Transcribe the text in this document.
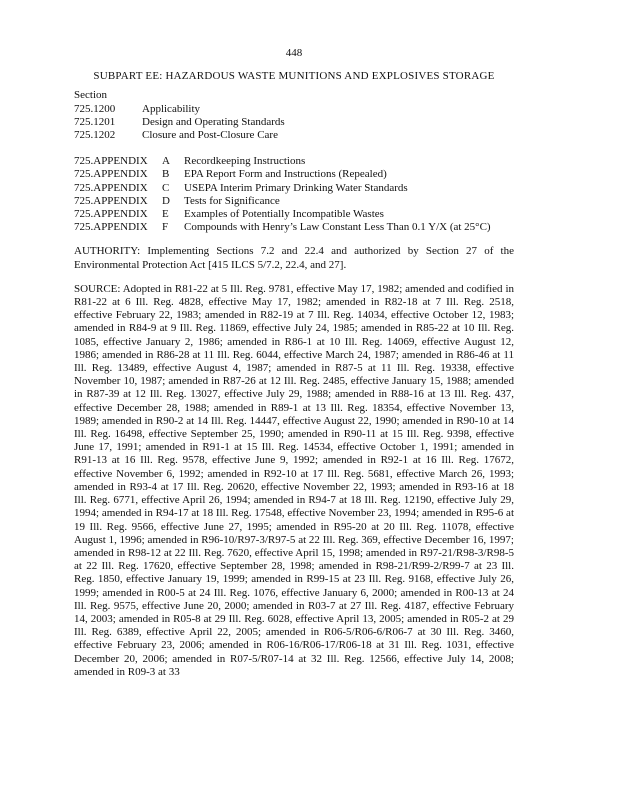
448
SUBPART EE: HAZARDOUS WASTE MUNITIONS AND EXPLOSIVES STORAGE
Section
725.1200	Applicability
725.1201	Design and Operating Standards
725.1202	Closure and Post-Closure Care
725.APPENDIX	A	Recordkeeping Instructions
725.APPENDIX	B	EPA Report Form and Instructions (Repealed)
725.APPENDIX	C	USEPA Interim Primary Drinking Water Standards
725.APPENDIX	D	Tests for Significance
725.APPENDIX	E	Examples of Potentially Incompatible Wastes
725.APPENDIX	F	Compounds with Henry’s Law Constant Less Than 0.1 Y/X (at 25°C)

AUTHORITY: Implementing Sections 7.2 and 22.4 and authorized by Section 27 of the Environmental Protection Act [415 ILCS 5/7.2, 22.4, and 27].

SOURCE: Adopted in R81-22 at 5 Ill. Reg. 9781, effective May 17, 1982; amended and codified in R81-22 at 6 Ill. Reg. 4828, effective May 17, 1982; amended in R82-18 at 7 Ill. Reg. 2518, effective February 22, 1983; amended in R82-19 at 7 Ill. Reg. 14034, effective October 12, 1983; amended in R84-9 at 9 Ill. Reg. 11869, effective July 24, 1985; amended in R85-22 at 10 Ill. Reg. 1085, effective January 2, 1986; amended in R86-1 at 10 Ill. Reg. 14069, effective August 12, 1986; amended in R86-28 at 11 Ill. Reg. 6044, effective March 24, 1987; amended in R86-46 at 11 Ill. Reg. 13489, effective August 4, 1987; amended in R87-5 at 11 Ill. Reg. 19338, effective November 10, 1987; amended in R87-26 at 12 Ill. Reg. 2485, effective January 15, 1988; amended in R87-39 at 12 Ill. Reg. 13027, effective July 29, 1988; amended in R88-16 at 13 Ill. Reg. 437, effective December 28, 1988; amended in R89-1 at 13 Ill. Reg. 18354, effective November 13, 1989; amended in R90-2 at 14 Ill. Reg. 14447, effective August 22, 1990; amended in R90-10 at 14 Ill. Reg. 16498, effective September 25, 1990; amended in R90-11 at 15 Ill. Reg. 9398, effective June 17, 1991; amended in R91-1 at 15 Ill. Reg. 14534, effective October 1, 1991; amended in R91-13 at 16 Ill. Reg. 9578, effective June 9, 1992; amended in R92-1 at 16 Ill. Reg. 17672, effective November 6, 1992; amended in R92-10 at 17 Ill. Reg. 5681, effective March 26, 1993; amended in R93-4 at 17 Ill. Reg. 20620, effective November 22, 1993; amended in R93-16 at 18 Ill. Reg. 6771, effective April 26, 1994; amended in R94-7 at 18 Ill. Reg. 12190, effective July 29, 1994; amended in R94-17 at 18 Ill. Reg. 17548, effective November 23, 1994; amended in R95-6 at 19 Ill. Reg. 9566, effective June 27, 1995; amended in R95-20 at 20 Ill. Reg. 11078, effective August 1, 1996; amended in R96-10/R97-3/R97-5 at 22 Ill. Reg. 369, effective December 16, 1997; amended in R98-12 at 22 Ill. Reg. 7620, effective April 15, 1998; amended in R97-21/R98-3/R98-5 at 22 Ill. Reg. 17620, effective September 28, 1998; amended in R98-21/R99-2/R99-7 at 23 Ill. Reg. 1850, effective January 19, 1999; amended in R99-15 at 23 Ill. Reg. 9168, effective July 26, 1999; amended in R00-5 at 24 Ill. Reg. 1076, effective January 6, 2000; amended in R00-13 at 24 Ill. Reg. 9575, effective June 20, 2000; amended in R03-7 at 27 Ill. Reg. 4187, effective February 14, 2003; amended in R05-8 at 29 Ill. Reg. 6028, effective April 13, 2005; amended in R05-2 at 29 Ill. Reg. 6389, effective April 22, 2005; amended in R06-5/R06-6/R06-7 at 30 Ill. Reg. 3460, effective February 23, 2006; amended in R06-16/R06-17/R06-18 at 31 Ill. Reg. 1031, effective December 20, 2006; amended in R07-5/R07-14 at 32 Ill. Reg. 12566, effective July 14, 2008; amended in R09-3 at 33
